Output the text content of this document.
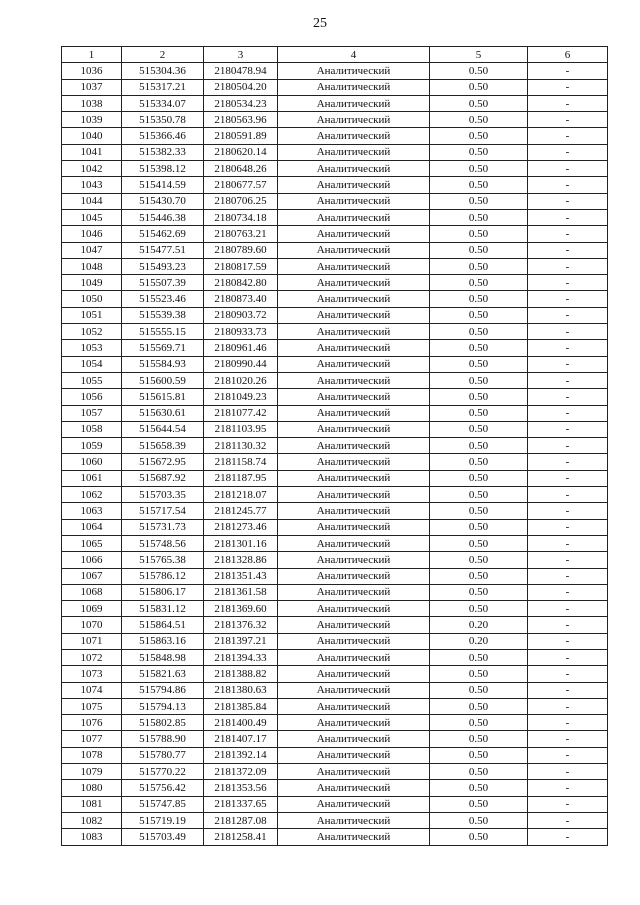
25
1	2	3	4	5	6
1036	515304.36	2180478.94	Аналитический	0.50	-
1037	515317.21	2180504.20	Аналитический	0.50	-
1038	515334.07	2180534.23	Аналитический	0.50	-
1039	515350.78	2180563.96	Аналитический	0.50	-
1040	515366.46	2180591.89	Аналитический	0.50	-
1041	515382.33	2180620.14	Аналитический	0.50	-
1042	515398.12	2180648.26	Аналитический	0.50	-
1043	515414.59	2180677.57	Аналитический	0.50	-
1044	515430.70	2180706.25	Аналитический	0.50	-
1045	515446.38	2180734.18	Аналитический	0.50	-
1046	515462.69	2180763.21	Аналитический	0.50	-
1047	515477.51	2180789.60	Аналитический	0.50	-
1048	515493.23	2180817.59	Аналитический	0.50	-
1049	515507.39	2180842.80	Аналитический	0.50	-
1050	515523.46	2180873.40	Аналитический	0.50	-
1051	515539.38	2180903.72	Аналитический	0.50	-
1052	515555.15	2180933.73	Аналитический	0.50	-
1053	515569.71	2180961.46	Аналитический	0.50	-
1054	515584.93	2180990.44	Аналитический	0.50	-
1055	515600.59	2181020.26	Аналитический	0.50	-
1056	515615.81	2181049.23	Аналитический	0.50	-
1057	515630.61	2181077.42	Аналитический	0.50	-
1058	515644.54	2181103.95	Аналитический	0.50	-
1059	515658.39	2181130.32	Аналитический	0.50	-
1060	515672.95	2181158.74	Аналитический	0.50	-
1061	515687.92	2181187.95	Аналитический	0.50	-
1062	515703.35	2181218.07	Аналитический	0.50	-
1063	515717.54	2181245.77	Аналитический	0.50	-
1064	515731.73	2181273.46	Аналитический	0.50	-
1065	515748.56	2181301.16	Аналитический	0.50	-
1066	515765.38	2181328.86	Аналитический	0.50	-
1067	515786.12	2181351.43	Аналитический	0.50	-
1068	515806.17	2181361.58	Аналитический	0.50	-
1069	515831.12	2181369.60	Аналитический	0.50	-
1070	515864.51	2181376.32	Аналитический	0.20	-
1071	515863.16	2181397.21	Аналитический	0.20	-
1072	515848.98	2181394.33	Аналитический	0.50	-
1073	515821.63	2181388.82	Аналитический	0.50	-
1074	515794.86	2181380.63	Аналитический	0.50	-
1075	515794.13	2181385.84	Аналитический	0.50	-
1076	515802.85	2181400.49	Аналитический	0.50	-
1077	515788.90	2181407.17	Аналитический	0.50	-
1078	515780.77	2181392.14	Аналитический	0.50	-
1079	515770.22	2181372.09	Аналитический	0.50	-
1080	515756.42	2181353.56	Аналитический	0.50	-
1081	515747.85	2181337.65	Аналитический	0.50	-
1082	515719.19	2181287.08	Аналитический	0.50	-
1083	515703.49	2181258.41	Аналитический	0.50	-
